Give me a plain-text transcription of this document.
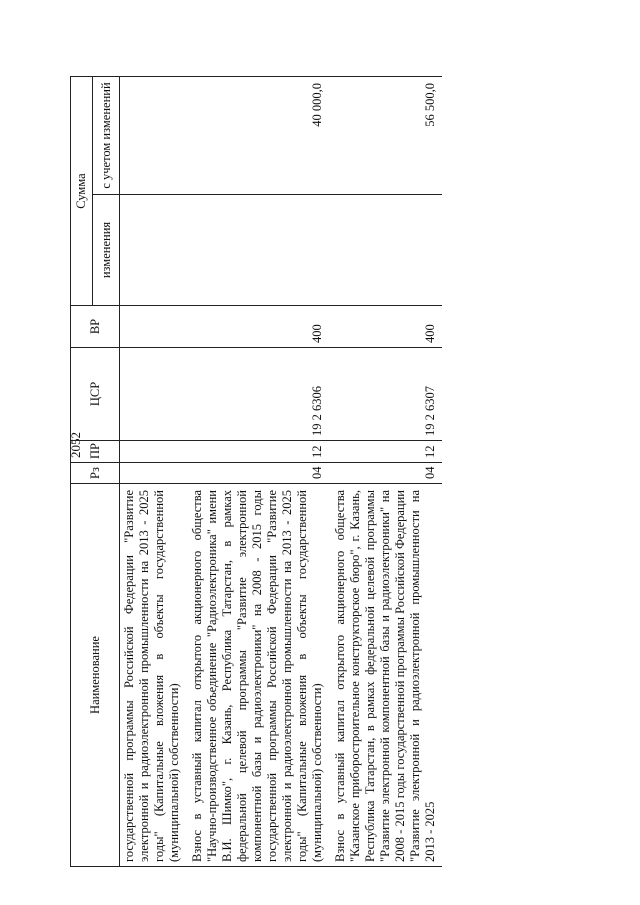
2052
Наименование	Рз	ПР	ЦСР	ВР	Сумма	
					изменения	с учетом изменений
государственной программы Российской Федерации "Развитие электронной и радиоэлектронной промышленности на 2013 - 2025 годы" (Капитальные вложения в объекты государственной (муниципальной) собственности)						
Взнос в уставный капитал открытого акционерного общества "Научно-производственное объединение "Радиоэлектроника" имени В.И. Шимко", г. Казань, Республика Татарстан, в рамках федеральной целевой программы "Развитие электронной компонентной базы и радиоэлектроники" на 2008 - 2015 годы государственной программы Российской Федерации "Развитие электронной и радиоэлектронной промышленности на 2013 - 2025 годы" (Капитальные вложения в объекты государственной (муниципальной) собственности)	04	12	19 2 6306	400		40 000,0
Взнос в уставный капитал открытого акционерного общества "Казанское приборостроительное конструкторское бюро", г. Казань, Республика Татарстан, в рамках федеральной целевой программы "Развитие электронной компонентной базы и радиоэлектроники" на 2008 - 2015 годы государственной программы Российской Федерации "Развитие электронной и радиоэлектронной промышленности на 2013 - 2025	04	12	19 2 6307	400		56 500,0
